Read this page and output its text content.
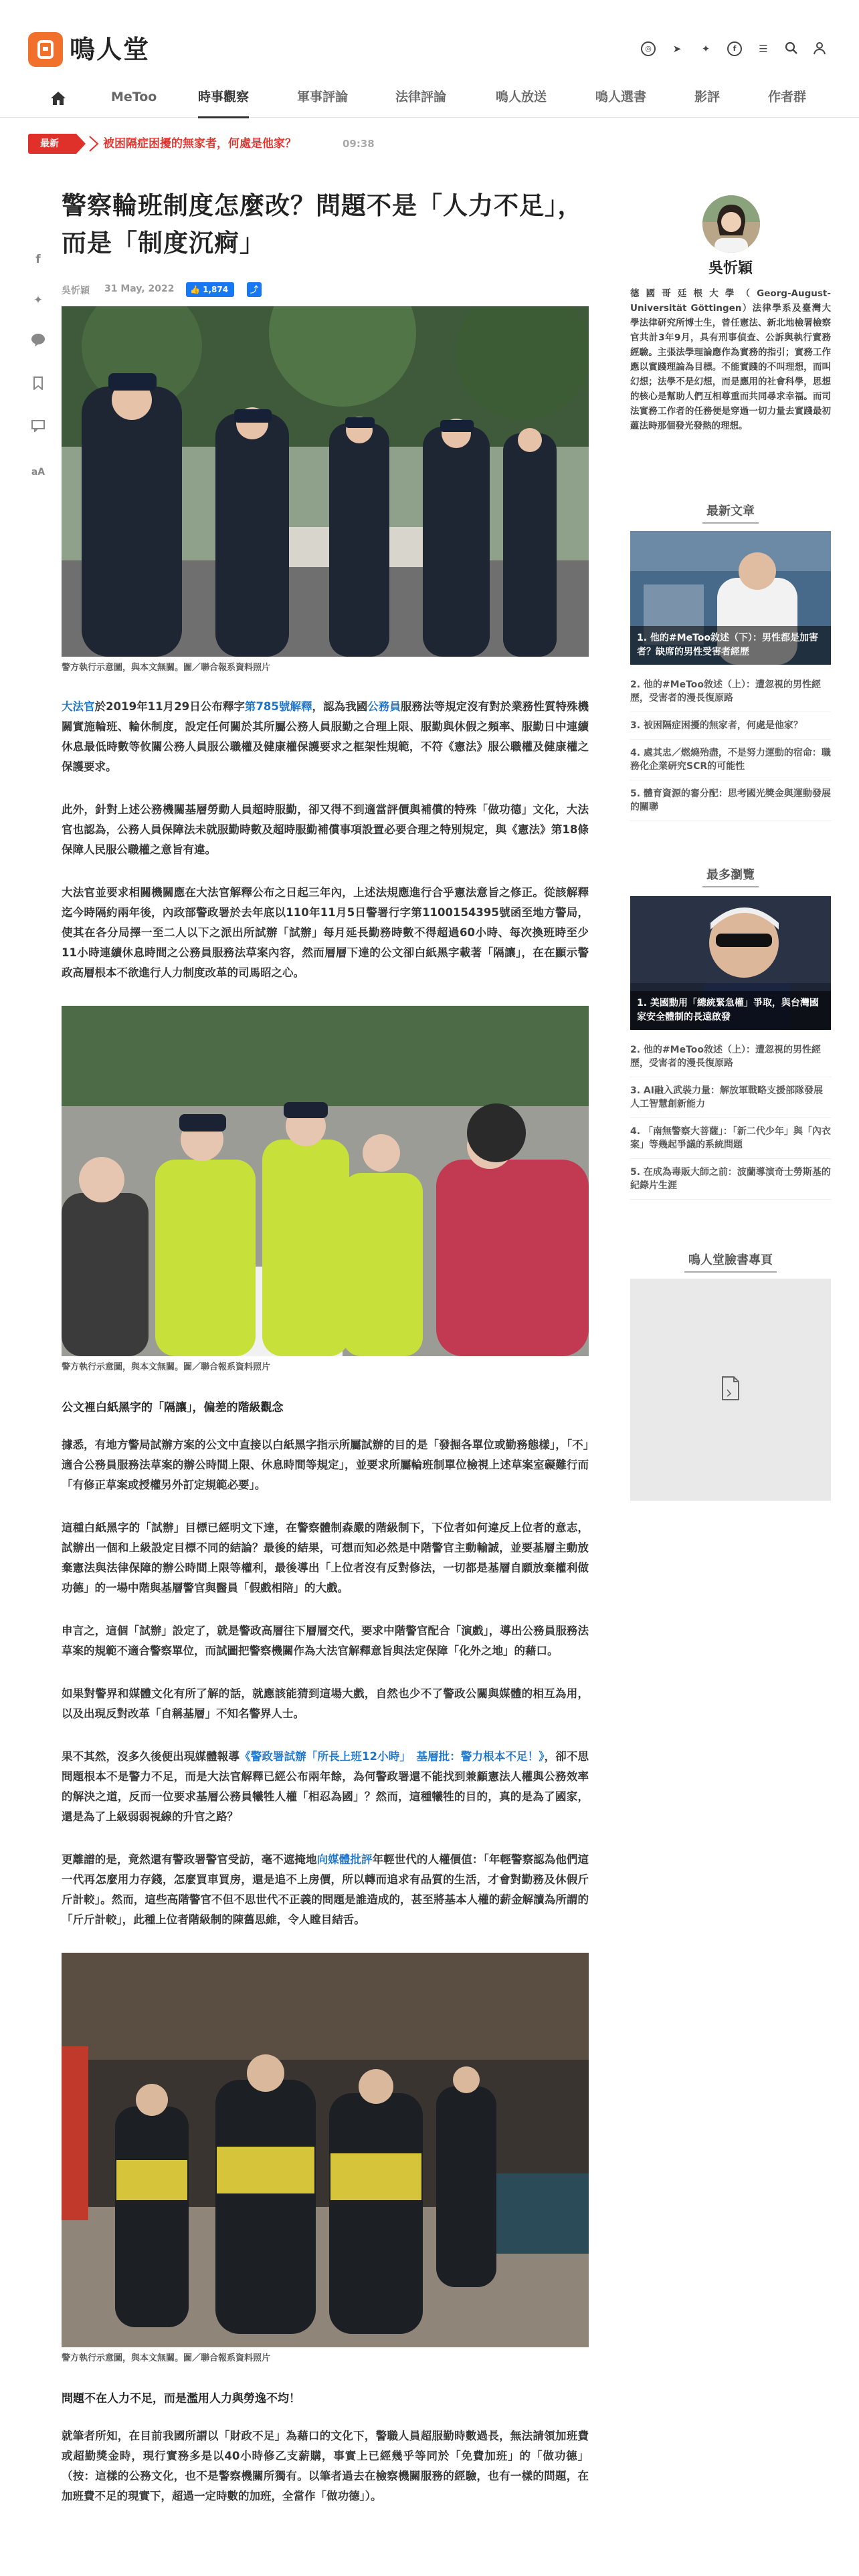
鳴人堂	◎	➤	✦	f	☰
MeToo	時事觀察	軍事評論	法律評論	鳴人放送	鳴人選書	影評	作者群
最新	被困隔症困擾的無家者，何處是他家？	09:38
f
✦
aA
警察輪班制度怎麼改？問題不是「人力不足」，
而是「制度沉痾」
吳忻穎 31 May, 2022	👍 1,874	⤴
警方執行示意圖，與本文無關。圖／聯合報系資料照片

大法官於2019年11月29日公布釋字第785號解釋，認為我國公務員服務法等規定沒有對於業務性質特殊機關實施輪班、輪休制度，設定任何關於其所屬公務人員服勤之合理上限、服勤與休假之頻率、服勤日中連續休息最低時數等攸關公務人員服公職權及健康權保護要求之框架性規範，不符《憲法》服公職權及健康權之保護要求。

此外，針對上述公務機關基層勞動人員超時服勤，卻又得不到適當評價與補償的特殊「做功德」文化，大法官也認為，公務人員保障法未就服勤時數及超時服勤補償事項設置必要合理之特別規定，與《憲法》第18條保障人民服公職權之意旨有違。

大法官並要求相關機關應在大法官解釋公布之日起三年內，上述法規應進行合乎憲法意旨之修正。從該解釋迄今時隔約兩年後，內政部警政署於去年底以110年11月5日警署行字第1100154395號函至地方警局，使其在各分局擇一至二人以下之派出所試辦「試辦」每月延長勤務時數不得超過60小時、每次換班時至少11小時連續休息時間之公務員服務法草案內容，然而層層下達的公文卻白紙黑字載著「隔讓」，在在顯示警政高層根本不欲進行人力制度改革的司馬昭之心。

警方執行示意圖，與本文無關。圖／聯合報系資料照片
公文裡白紙黑字的「隔讓」，偏差的階級觀念

據悉，有地方警局試辦方案的公文中直接以白紙黑字指示所屬試辦的目的是「發掘各單位或勤務態樣」，「不」適合公務員服務法草案的辦公時間上限、休息時間等規定」，並要求所屬輪班制單位檢視上述草案室礙難行而「有修正草案或授權另外訂定規範必要」。

這種白紙黑字的「試辦」目標已經明文下達，在警察體制森嚴的階級制下，下位者如何違反上位者的意志，試辦出一個和上級設定目標不同的結論？最後的結果，可想而知必然是中階警官主動輸誠，並要基層主動放棄憲法與法律保障的辦公時間上限等權利，最後導出「上位者沒有反對修法，一切都是基層自願放棄權利做功德」的一場中階與基層警官與醫員「假戲相陪」的大戲。

申言之，這個「試辦」設定了，就是警政高層往下層層交代，要求中階警官配合「演戲」，導出公務員服務法草案的規範不適合警察單位，而試圖把警察機關作為大法官解釋意旨與法定保障「化外之地」的藉口。

如果對警界和媒體文化有所了解的話，就應該能猜到這場大戲，自然也少不了警政公關與媒體的相互為用，以及出現反對改革「自稱基層」不知名警界人士。

果不其然，沒多久後便出現媒體報導《警政署試辦「所長上班12小時」　基層批：警力根本不足！》，卻不思問題根本不是警力不足，而是大法官解釋已經公布兩年餘，為何警政署還不能找到兼顧憲法人權與公務效率的解決之道，反而一位要求基層公務員犧牲人權「相忍為國」？然而，這種犧牲的目的，真的是為了國家，還是為了上級弱弱視線的升官之路？

更離譜的是，竟然還有警政署警官受訪，毫不遮掩地向媒體批評年輕世代的人權價值：「年輕警察認為他們這一代再怎麼用力存錢，怎麼買車買房，還是追不上房價，所以轉而追求有品質的生活，才會對勤務及休假斤斤計較」。然而，這些高階警官不但不思世代不正義的問題是誰造成的，甚至將基本人權的薪金解讀為所謂的「斤斤計較」，此種上位者階級制的陳舊思維，令人瞠目結舌。

警方執行示意圖，與本文無關。圖／聯合報系資料照片
問題不在人力不足，而是濫用人力與勞逸不均！

就筆者所知，在目前我國所謂以「財政不足」為藉口的文化下，警職人員超服勤時數過長，無法請領加班費或超勤獎金時，現行實務多是以40小時修乙支薪購，事實上已經幾乎等同於「免費加班」的「做功德」（按：這樣的公務文化，也不是警察機關所獨有。以筆者過去在檢察機關服務的經驗，也有一樣的問題，在加班費不足的現實下，超過一定時數的加班，全當作「做功德」）。

吳忻穎

德國哥廷根大學（Georg-August-Universität Göttingen）法律學系及臺灣大學法律研究所博士生，曾任憲法、新北地檢署檢察官共計3年9月，具有刑事偵查、公訴與執行實務經驗。主張法學理論應作為實務的指引；實務工作應以實踐理論為目標。不能實踐的不叫理想，而叫幻想；法學不是幻想，而是應用的社會科學，思想的核心是幫助人們互相尊重而共同尋求幸福。而司法實務工作者的任務便是穿過一切力量去實踐最初蘊法時那個發光發熱的理想。

最新文章
1. 他的#MeToo敘述（下）：男性都是加害者？缺席的男性受害者經歷
2. 他的#MeToo敘述（上）：遭忽視的男性經歷，受害者的漫長復原路
3. 被困隔症困擾的無家者，何處是他家？
4. 處其忠／燃燒殆盡，不是努力運動的宿命：職務化企業研究SCR的可能性
5. 體育資源的審分配：思考國光獎金與運動發展的關聯
最多瀏覽
1. 美國動用「總統緊急權」爭取，與台灣國家安全體制的長遠啟發
2. 他的#MeToo敘述（上）：遭忽視的男性經歷，受害者的漫長復原路
3. AI融入武裝力量：解放軍戰略支援部隊發展人工智慧創新能力
4. 「南無警察大菩薩」：「新二代少年」與「內衣案」等幾起爭議的系統問題
5. 在成為毒販大師之前：波蘭導演奇士勞斯基的紀錄片生涯
鳴人堂臉書專頁
